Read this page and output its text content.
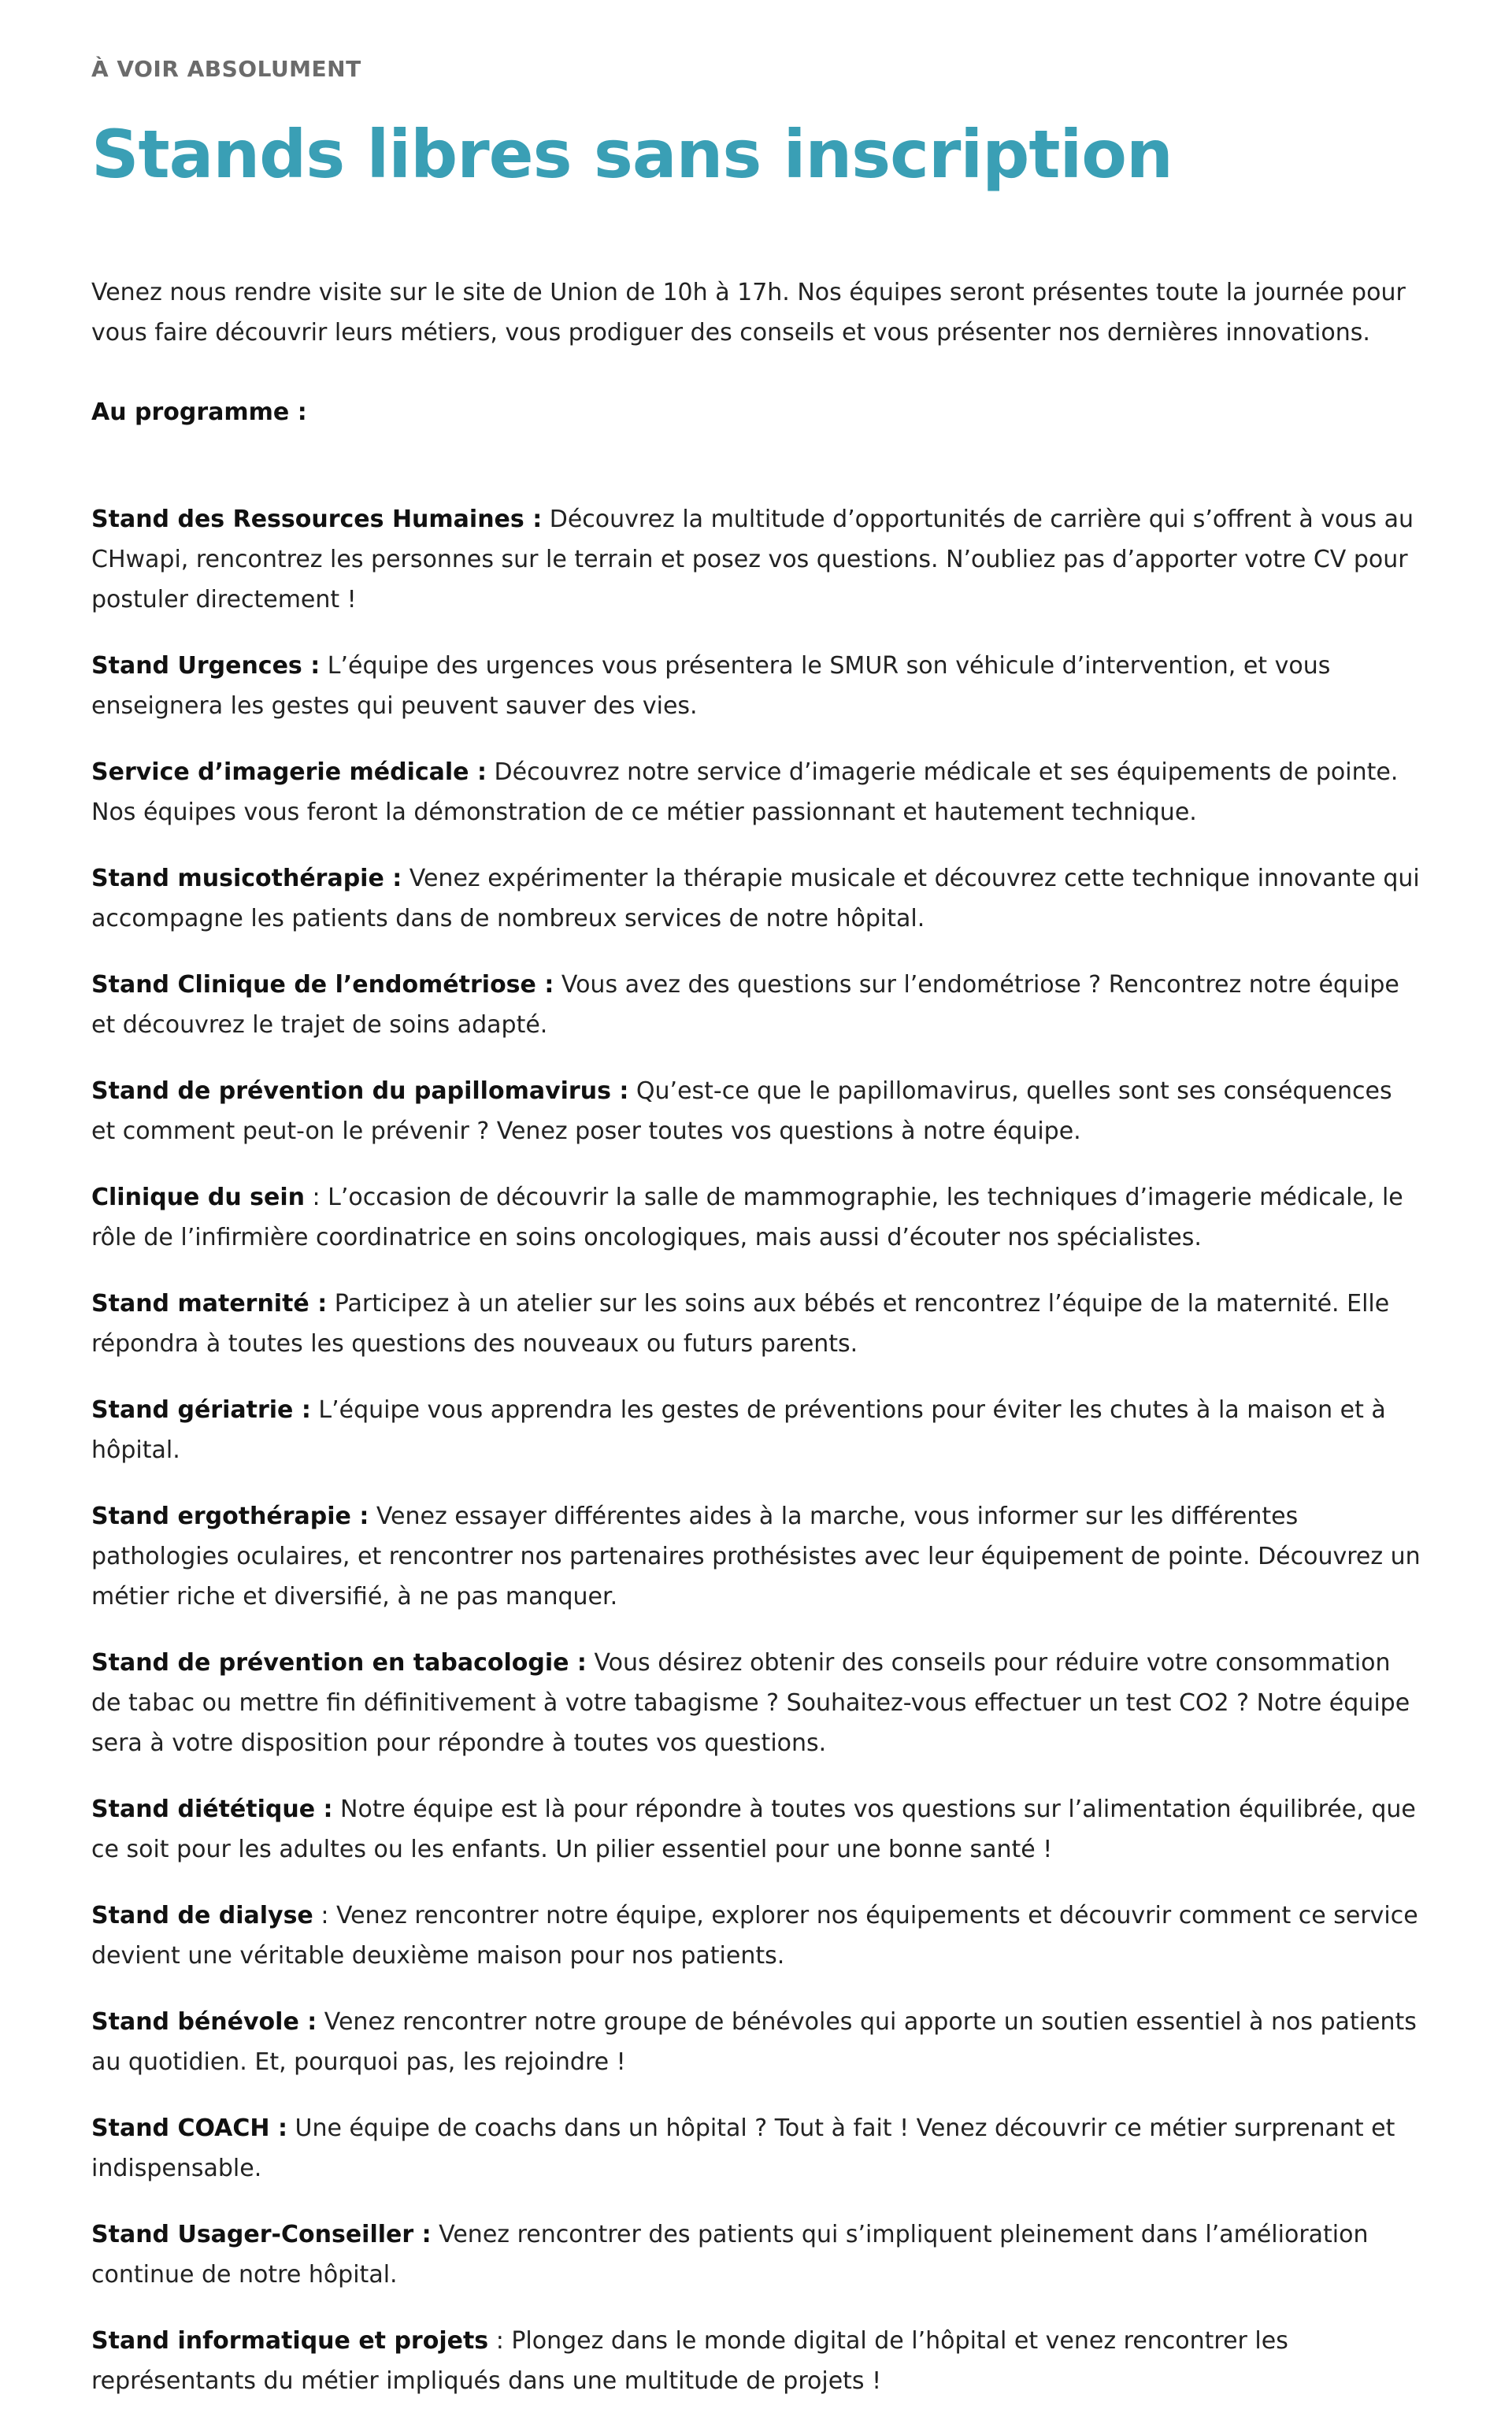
À VOIR ABSOLUMENT

Stands libres sans inscription

Venez nous rendre visite sur le site de Union de 10h à 17h. Nos équipes seront présentes toute la journée pour vous faire découvrir leurs métiers, vous prodiguer des conseils et vous présenter nos dernières innovations.

Au programme :

Stand des Ressources Humaines : Découvrez la multitude d’opportunités de carrière qui s’offrent à vous au CHwapi, rencontrez les personnes sur le terrain et posez vos questions. N’oubliez pas d’apporter votre CV pour postuler directement !
Stand Urgences : L’équipe des urgences vous présentera le SMUR son véhicule d’intervention, et vous enseignera les gestes qui peuvent sauver des vies.
Service d’imagerie médicale : Découvrez notre service d’imagerie médicale et ses équipements de pointe. Nos équipes vous feront la démonstration de ce métier passionnant et hautement technique.
Stand musicothérapie : Venez expérimenter la thérapie musicale et découvrez cette technique innovante qui accompagne les patients dans de nombreux services de notre hôpital.
Stand Clinique de l’endométriose : Vous avez des questions sur l’endométriose ? Rencontrez notre équipe et découvrez le trajet de soins adapté.
Stand de prévention du papillomavirus : Qu’est-ce que le papillomavirus, quelles sont ses conséquences et comment peut-on le prévenir ? Venez poser toutes vos questions à notre équipe.
Clinique du sein : L’occasion de découvrir la salle de mammographie, les techniques d’imagerie médicale, le rôle de l’infirmière coordinatrice en soins oncologiques, mais aussi d’écouter nos spécialistes.
Stand maternité : Participez à un atelier sur les soins aux bébés et rencontrez l’équipe de la maternité. Elle répondra à toutes les questions des nouveaux ou futurs parents.
Stand gériatrie : L’équipe vous apprendra les gestes de préventions pour éviter les chutes à la maison et à hôpital.
Stand ergothérapie : Venez essayer différentes aides à la marche, vous informer sur les différentes pathologies oculaires, et rencontrer nos partenaires prothésistes avec leur équipement de pointe. Découvrez un métier riche et diversifié, à ne pas manquer.
Stand de prévention en tabacologie : Vous désirez obtenir des conseils pour réduire votre consommation de tabac ou mettre fin définitivement à votre tabagisme ? Souhaitez-vous effectuer un test CO2 ? Notre équipe sera à votre disposition pour répondre à toutes vos questions.
Stand diététique : Notre équipe est là pour répondre à toutes vos questions sur l’alimentation équilibrée, que ce soit pour les adultes ou les enfants. Un pilier essentiel pour une bonne santé !
Stand de dialyse : Venez rencontrer notre équipe, explorer nos équipements et découvrir comment ce service devient une véritable deuxième maison pour nos patients.
Stand bénévole : Venez rencontrer notre groupe de bénévoles qui apporte un soutien essentiel à nos patients au quotidien. Et, pourquoi pas, les rejoindre !
Stand COACH : Une équipe de coachs dans un hôpital ? Tout à fait ! Venez découvrir ce métier surprenant et indispensable.
Stand Usager-Conseiller : Venez rencontrer des patients qui s’impliquent pleinement dans l’amélioration continue de notre hôpital.
Stand informatique et projets : Plongez dans le monde digital de l’hôpital et venez rencontrer les représentants du métier impliqués dans une multitude de projets !
